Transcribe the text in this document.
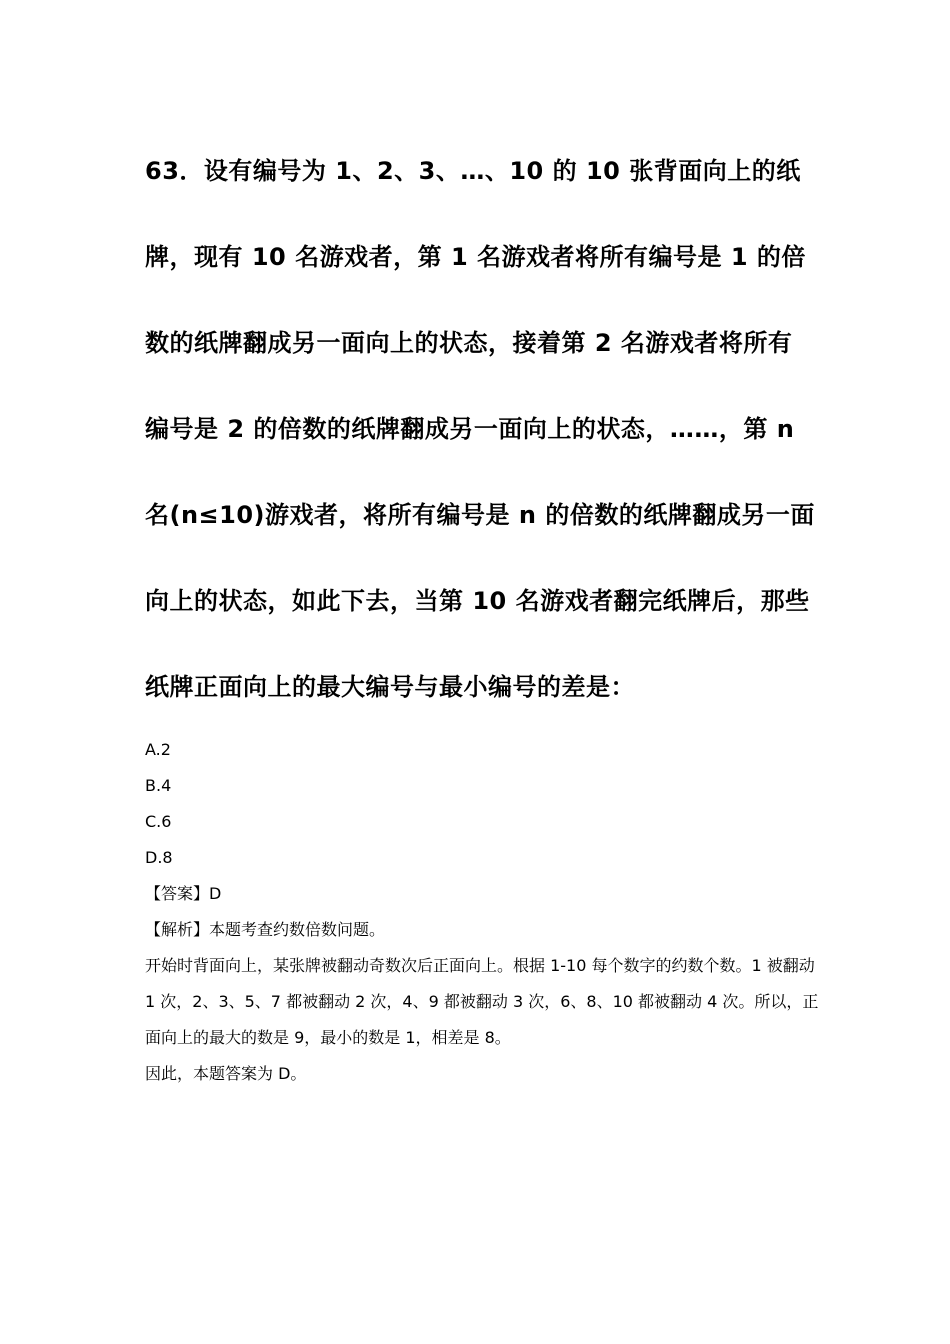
63．设有编号为 1、2、3、…、10 的 10 张背面向上的纸牌，现有 10 名游戏者，第 1 名游戏者将所有编号是 1 的倍数的纸牌翻成另一面向上的状态，接着第 2 名游戏者将所有编号是 2 的倍数的纸牌翻成另一面向上的状态，……，第 n 名(n≤10)游戏者，将所有编号是 n 的倍数的纸牌翻成另一面向上的状态，如此下去，当第 10 名游戏者翻完纸牌后，那些纸牌正面向上的最大编号与最小编号的差是：

A.2
B.4
C.6
D.8

【答案】D

【解析】本题考查约数倍数问题。

开始时背面向上，某张牌被翻动奇数次后正面向上。根据 1-10 每个数字的约数个数。1 被翻动 1 次，2、3、5、7 都被翻动 2 次，4、9 都被翻动 3 次，6、8、10 都被翻动 4 次。所以，正面向上的最大的数是 9，最小的数是 1，相差是 8。

因此，本题答案为 D。
